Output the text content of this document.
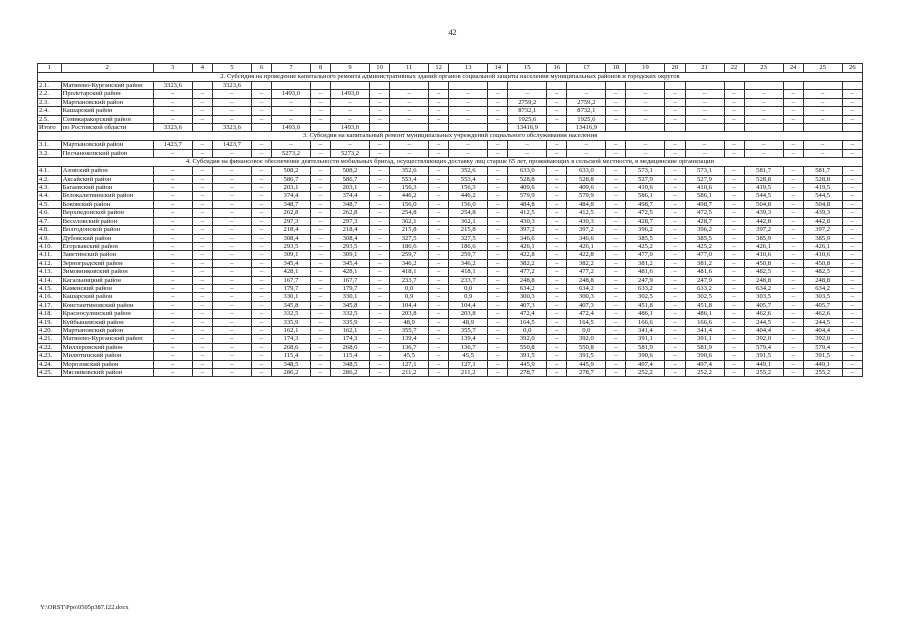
42
1	2	3	4	5	6	7	8	9	10	11	12	13	14	15	16	17	18	19	20	21	22	23	24	25	26
2. Субсидия на проведение капитального ремонта административных зданий органов социальной защиты населения муниципальных районов и городских округов																									
2.1.	Матвеево-Курганский район	3323,6		3323,6																					
2.2.	Пролетарский район	–	–	–	–	1493,0	–	1493,0	–	–	–	–	–	–	–	–	–	–	–	–	–	–	–	–	–
2.3.	Мартыновский район	–	–	–	–	–	–	–	–	–	–	–	–	2759,2	–	2759,2	–	–	–	–	–	–	–	–	–
2.4.	Кашарский район	–	–	–	–	–	–	–	–	–	–	–	–	8732,1	–	8732,1	–	–	–	–	–	–	–	–	–
2.5.	Семикаракорский район	–	–	–	–	–	–	–	–	–	–	–	–	1925,6	–	1925,6	–	–	–	–	–	–	–	–	–
Итого	по Ростовской области	3323,6		3323,6		1493,0		1493,0						13416,9		13416,9									
3. Субсидия на капитальный ремонт муниципальных учреждений социального обслуживания населения																									
3.1.	Мартыновский район	1423,7	–	1423,7	–	–	–	–	–	–	–	–	–	–	–	–	–	–	–	–	–	–	–	–	–
3.2.	Песчанокопский район	–	–	–	–	5273,2	–	5273,2	–	–	–	–	–	–	–	–	–	–	–	–	–	–	–	–	–
4. Субсидия на финансовое обеспечение деятельности мобильных бригад, осуществляющих доставку лиц старше 65 лет, проживающих в сельской местности, в медицинские организации																									
4.1.	Азовский район	–	–	–	–	508,2	–	508,2	–	352,6	–	352,6	–	633,0	–	633,0	–	573,1	–	573,1	–	581,7	–	581,7	–
4.2.	Аксайский район	–	–	–	–	586,7	–	586,7	–	553,4	–	553,4	–	528,8	–	528,8	–	527,9	–	527,9	–	528,8	–	528,8	–
4.3.	Багаевский район	–	–	–	–	203,1	–	203,1	–	156,3	–	156,3	–	409,6	–	409,6	–	410,6	–	410,6	–	419,5	–	419,5	–
4.4.	Белокалитвинский район	–	–	–	–	374,4	–	374,4	–	446,2	–	446,2	–	579,9	–	579,9	–	586,1	–	586,1	–	544,5	–	544,5	–
4.5.	Боковский район	–	–	–	–	348,7	–	348,7	–	156,0	–	156,0	–	484,8	–	484,8	–	498,7	–	498,7	–	504,8	–	504,8	–
4.6.	Верхнедонской район	–	–	–	–	262,8	–	262,8	–	254,8	–	254,8	–	412,5	–	412,5	–	472,5	–	472,5	–	439,3	–	439,3	–
4.7.	Веселовский район	–	–	–	–	297,3	–	297,3	–	362,1	–	362,1	–	430,3	–	430,3	–	428,7	–	428,7	–	442,8	–	442,8	–
4.8.	Волгодонской район	–	–	–	–	218,4	–	218,4	–	215,8	–	215,8	–	397,2	–	397,2	–	396,2	–	396,2	–	397,2	–	397,2	–
4.9.	Дубовский район	–	–	–	–	308,4	–	308,4	–	327,5	–	327,5	–	346,6	–	346,6	–	385,5	–	385,5	–	385,9	–	385,9	–
4.10.	Егорлыкский район	–	–	–	–	293,5	–	293,5	–	186,6	–	186,6	–	426,1	–	426,1	–	425,2	–	425,2	–	426,1	–	426,1	–
4.11.	Заветинский район	–	–	–	–	309,1	–	309,1	–	259,7	–	259,7	–	422,8	–	422,8	–	477,0	–	477,0	–	410,6	–	410,6	–
4.12.	Зерноградский район	–	–	–	–	345,4	–	345,4	–	346,2	–	346,2	–	382,2	–	382,2	–	381,2	–	381,2	–	450,8	–	450,8	–
4.13.	Зимовниковский район	–	–	–	–	428,1	–	428,1	–	418,1	–	418,1	–	477,2	–	477,2	–	481,6	–	481,6	–	482,5	–	482,5	–
4.14.	Кагальницкий район	–	–	–	–	167,7	–	167,7	–	233,7	–	233,7	–	248,8	–	248,8	–	247,9	–	247,9	–	248,8	–	248,8	–
4.15.	Каменский район	–	–	–	–	179,7	–	179,7	–	0,0	–	0,0	–	634,2	–	634,2	–	633,2	–	633,2	–	634,2	–	634,2	–
4.16.	Кашарский район	–	–	–	–	330,1	–	330,1	–	0,9	–	0,9	–	300,3	–	300,3	–	302,5	–	302,5	–	303,5	–	303,5	–
4.17.	Константиновский район	–	–	–	–	345,8	–	345,8	–	104,4	–	104,4	–	407,3	–	407,3	–	451,8	–	451,8	–	405,7	–	405,7	–
4.18.	Красносулинский район	–	–	–	–	332,5	–	332,5	–	203,8	–	203,8	–	472,4	–	472,4	–	486,1	–	486,1	–	462,6	–	462,6	–
4.19.	Куйбышевский район	–	–	–	–	335,9	–	335,9	–	48,9	–	48,9	–	164,5	–	164,5	–	166,6	–	166,6	–	244,5	–	244,5	–
4.20.	Мартыновский район	–	–	–	–	162,1	–	162,1	–	355,7	–	355,7	–	0,0	–	0,0	–	341,4	–	341,4	–	404,4	–	404,4	–
4.21.	Матвеево-Курганский район	–	–	–	–	174,3	–	174,3	–	139,4	–	139,4	–	392,0	–	392,0	–	391,1	–	391,1	–	392,0	–	392,0	–
4.22.	Миллеровский район	–	–	–	–	268,6	–	268,6	–	136,7	–	136,7	–	550,8	–	550,8	–	581,9	–	581,9	–	579,4	–	579,4	–
4.23.	Милютинский район	–	–	–	–	115,4	–	115,4	–	45,5	–	45,5	–	391,5	–	391,5	–	390,6	–	390,6	–	391,5	–	391,5	–
4.24.	Морозовский район	–	–	–	–	348,5	–	348,5	–	127,1	–	127,1	–	445,9	–	445,9	–	497,4	–	497,4	–	449,1	–	449,1	–
4.25.	Мясниковский район	–	–	–	–	286,2	–	286,2	–	211,2	–	211,2	–	278,7	–	278,7	–	252,2	–	252,2	–	255,2	–	255,2	–
Y:\ORST\Ppo\0505p387.f22.docx
